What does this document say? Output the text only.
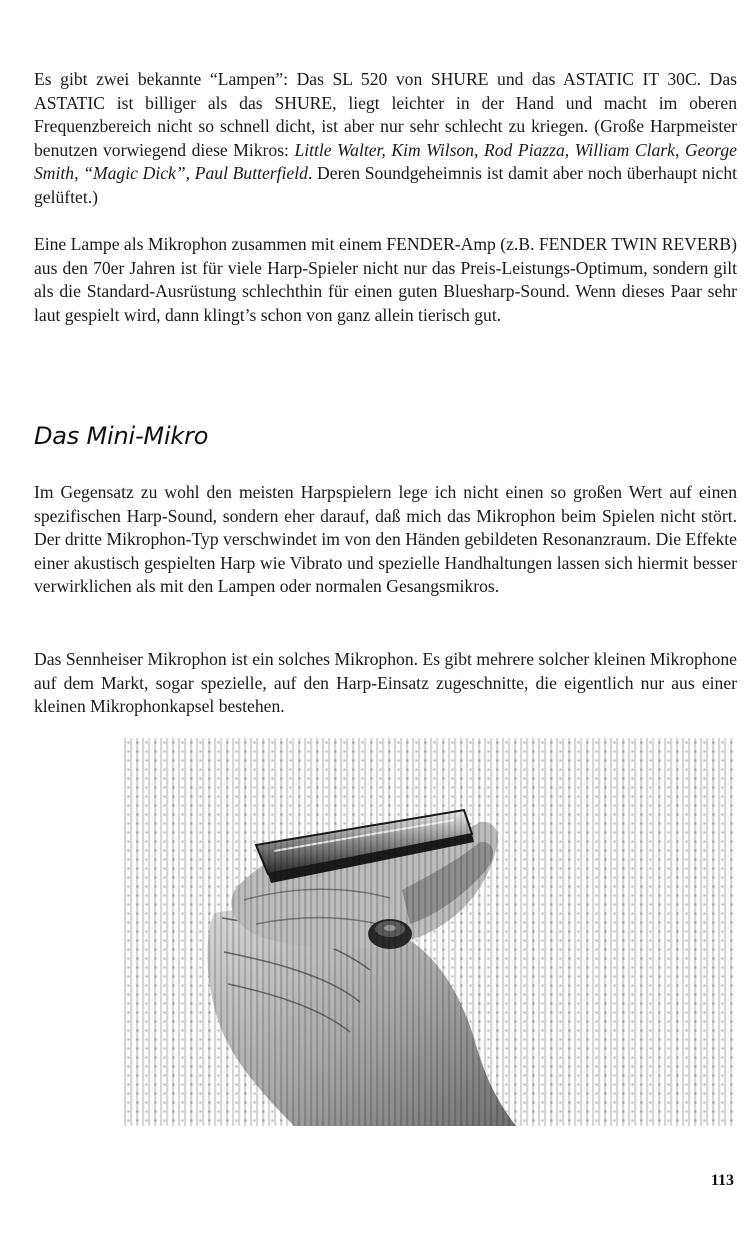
Es gibt zwei bekannte “Lampen”: Das SL 520 von SHURE und das ASTATIC IT 30C. Das ASTATIC ist billiger als das SHURE, liegt leichter in der Hand und macht im oberen Frequenzbereich nicht so schnell dicht, ist aber nur sehr schlecht zu kriegen. (Große Harpmeister benutzen vorwiegend diese Mikros: Little Walter, Kim Wilson, Rod Piazza, William Clark, George Smith, “Magic Dick”, Paul Butterfield. Deren Soundgeheimnis ist damit aber noch überhaupt nicht gelüftet.)

Eine Lampe als Mikrophon zusammen mit einem FENDER-Amp (z.B. FENDER TWIN REVERB) aus den 70er Jahren ist für viele Harp-Spieler nicht nur das Preis-Leistungs-Optimum, sondern gilt als die Standard-Ausrüstung schlechthin für einen guten Bluesharp-Sound. Wenn dieses Paar sehr laut gespielt wird, dann klingt’s schon von ganz allein tierisch gut.

Das Mini-Mikro

Im Gegensatz zu wohl den meisten Harpspielern lege ich nicht einen so großen Wert auf einen spezifischen Harp-Sound, sondern eher darauf, daß mich das Mikrophon beim Spielen nicht stört. Der dritte Mikrophon-Typ verschwindet im von den Händen gebildeten Resonanzraum. Die Effekte einer akustisch gespielten Harp wie Vibrato und spezielle Handhaltungen lassen sich hiermit besser verwirklichen als mit den Lampen oder normalen Gesangsmikros.

Das Sennheiser Mikrophon ist ein solches Mikrophon. Es gibt mehrere solcher kleinen Mikrophone auf dem Markt, sogar spezielle, auf den Harp-Einsatz zugeschnitte, die eigentlich nur aus einer kleinen Mikrophonkapsel bestehen.

113
